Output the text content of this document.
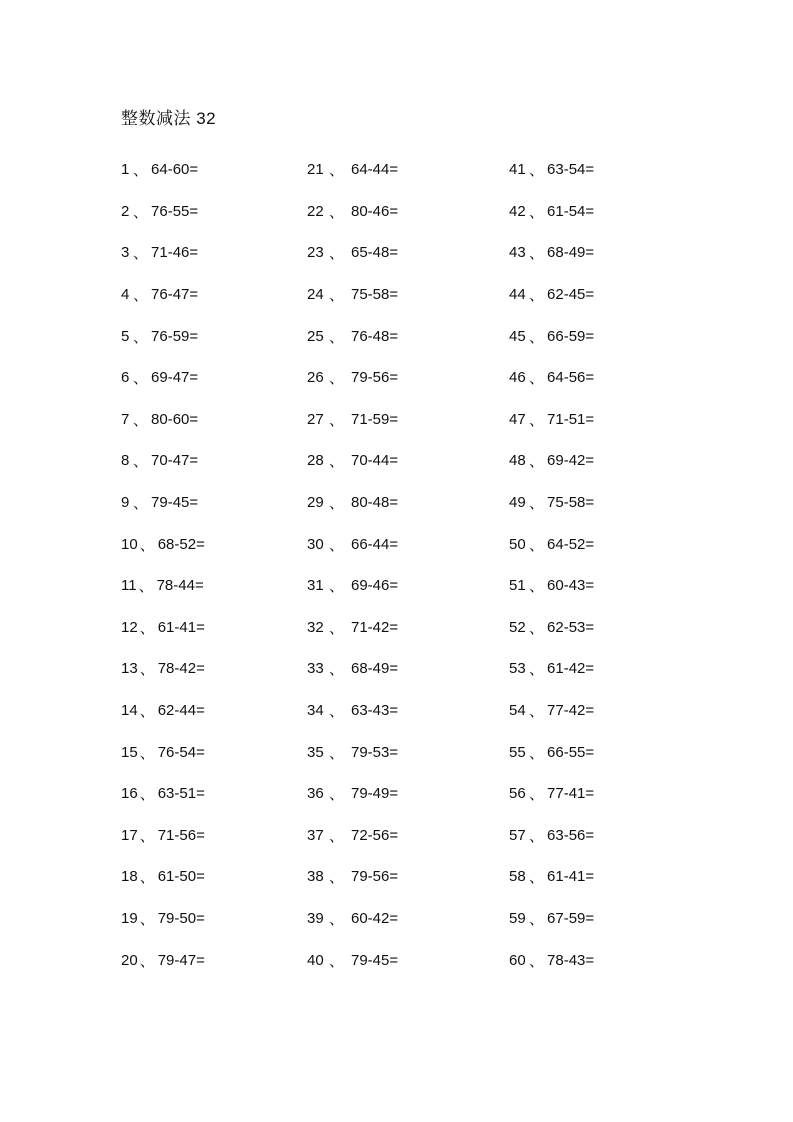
整数减法 32
1 、 64-60=
2 、 76-55=
3 、 71-46=
4 、 76-47=
5 、 76-59=
6 、 69-47=
7 、 80-60=
8 、 70-47=
9 、 79-45=
10 、 68-52=
11 、 78-44=
12 、 61-41=
13 、 78-42=
14 、 62-44=
15 、 76-54=
16 、 63-51=
17 、 71-56=
18 、 61-50=
19 、 79-50=
20 、 79-47=
21 、 64-44=
22 、 80-46=
23 、 65-48=
24 、 75-58=
25 、 76-48=
26 、 79-56=
27 、 71-59=
28 、 70-44=
29 、 80-48=
30 、 66-44=
31 、 69-46=
32 、 71-42=
33 、 68-49=
34 、 63-43=
35 、 79-53=
36 、 79-49=
37 、 72-56=
38 、 79-56=
39 、 60-42=
40 、 79-45=
41 、 63-54=
42 、 61-54=
43 、 68-49=
44 、 62-45=
45 、 66-59=
46 、 64-56=
47 、 71-51=
48 、 69-42=
49 、 75-58=
50 、 64-52=
51 、 60-43=
52 、 62-53=
53 、 61-42=
54 、 77-42=
55 、 66-55=
56 、 77-41=
57 、 63-56=
58 、 61-41=
59 、 67-59=
60 、 78-43=
